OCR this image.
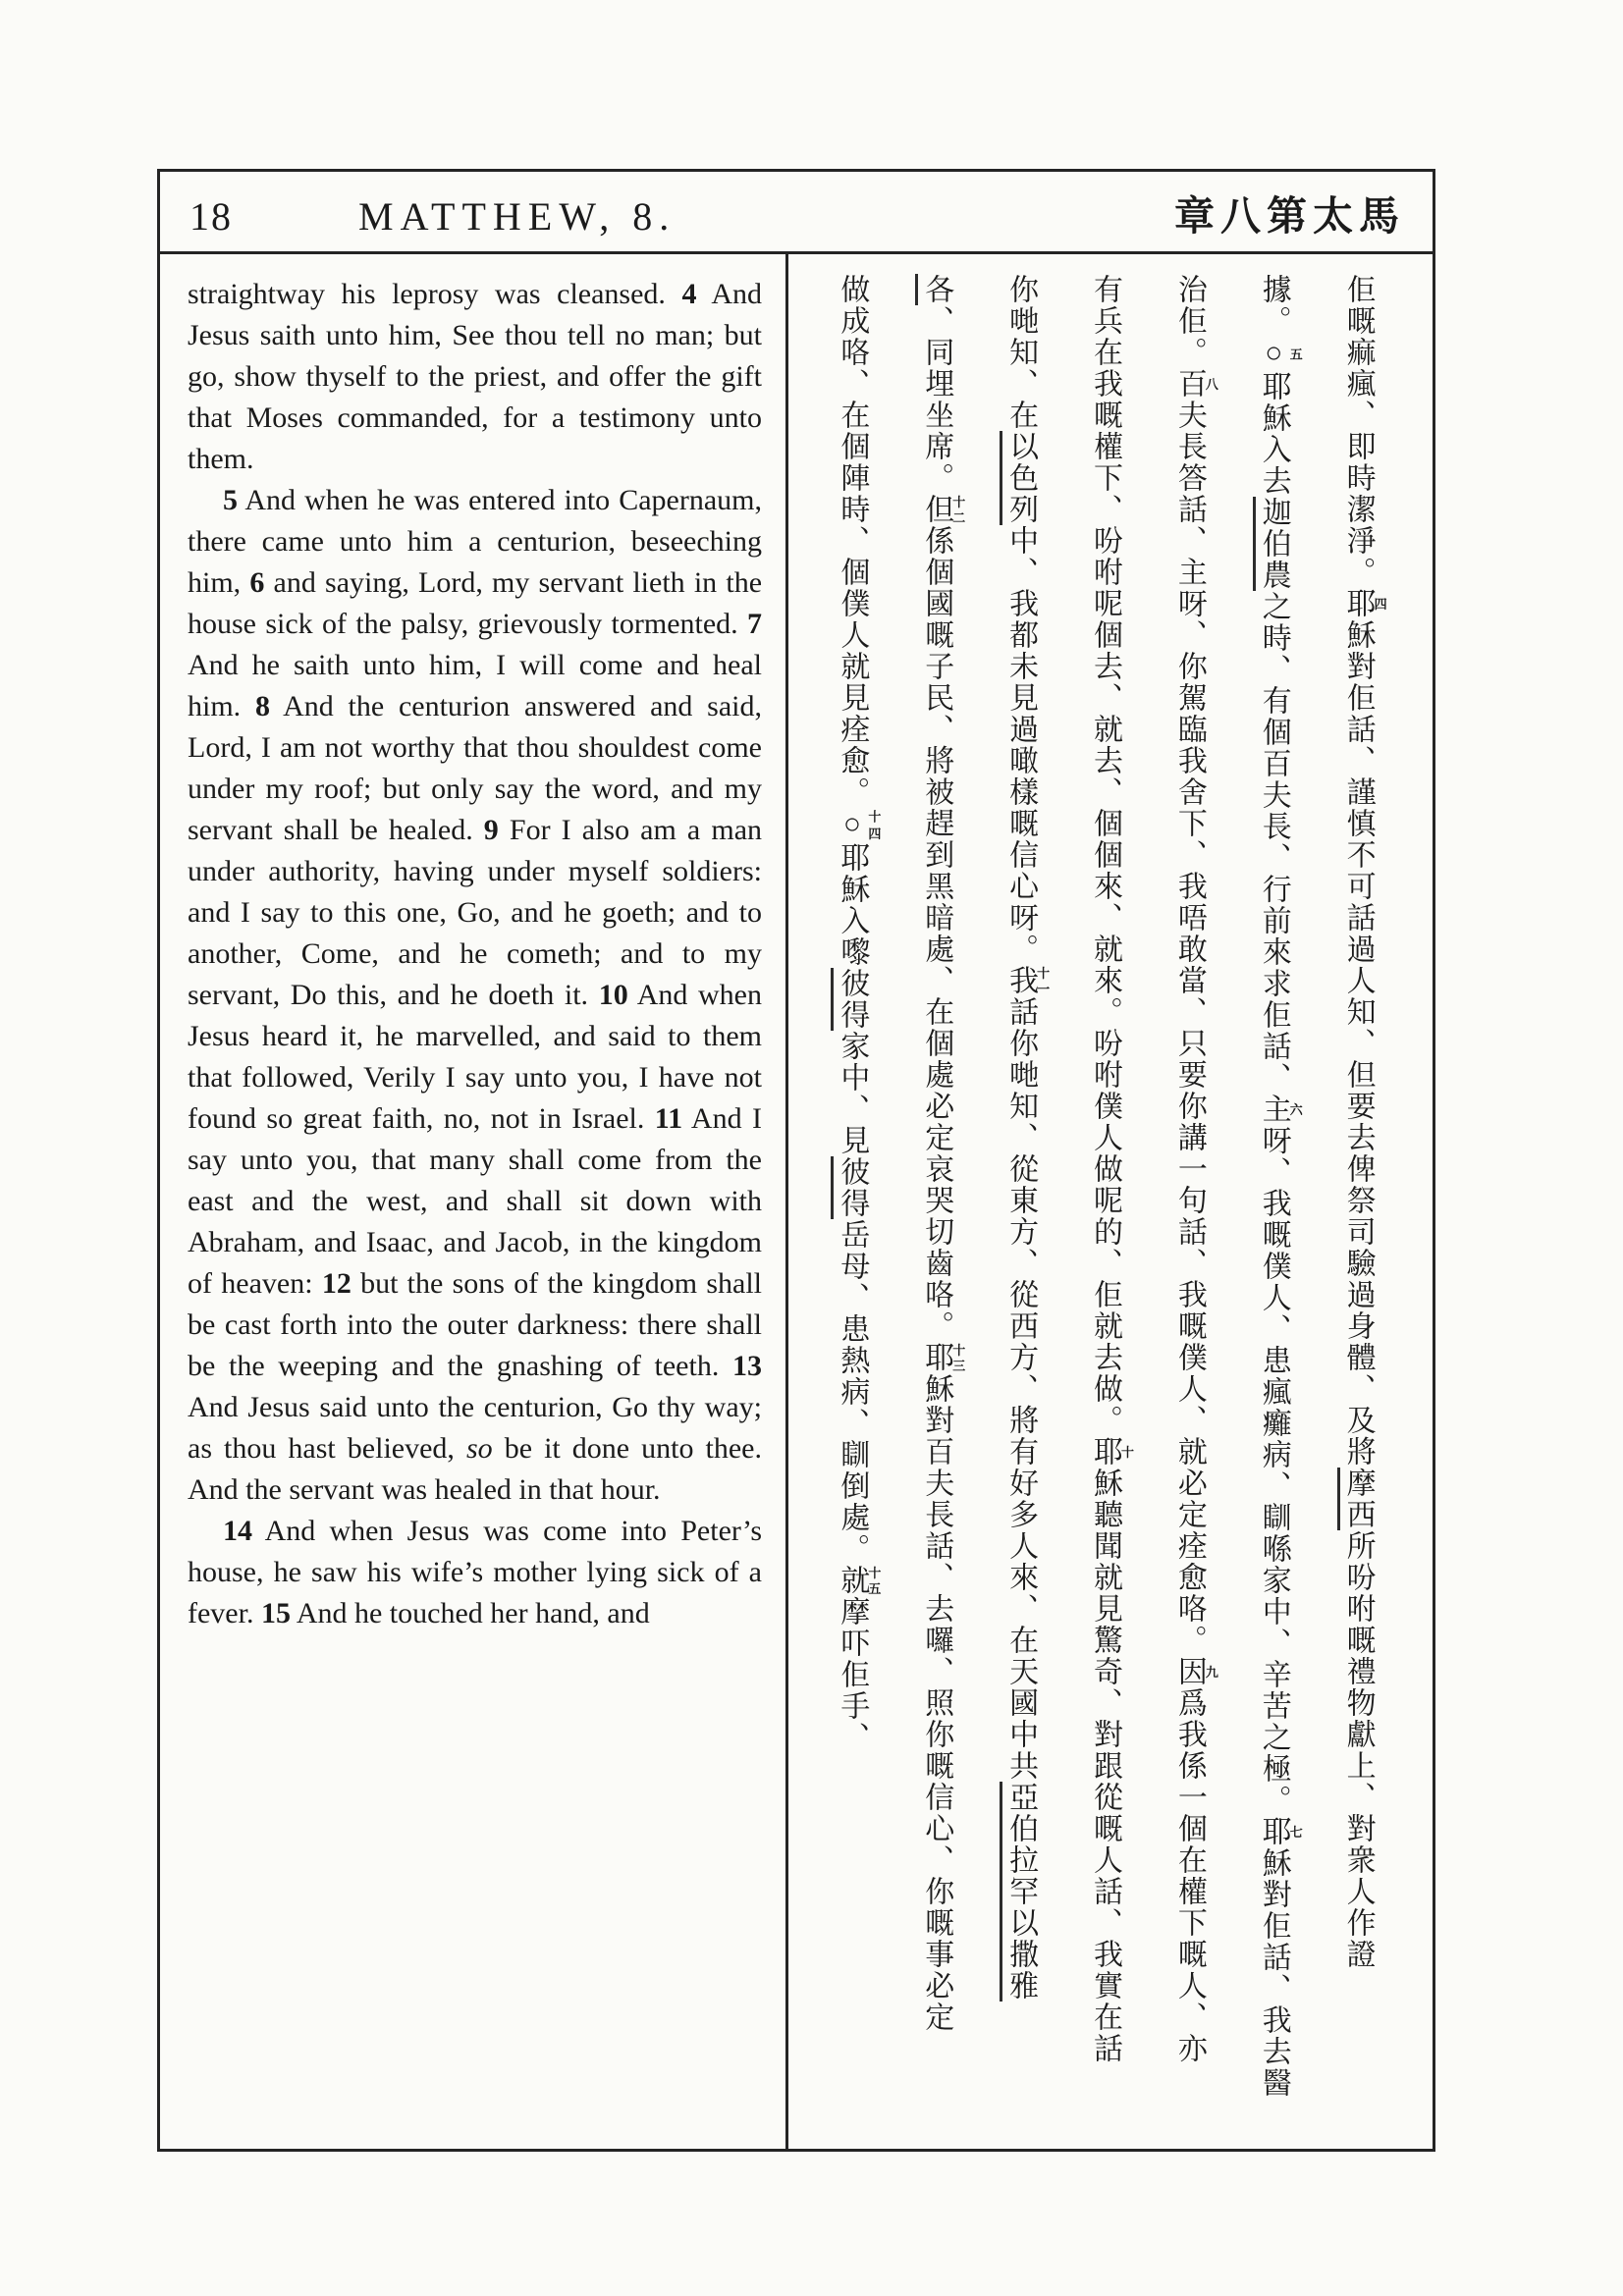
18	MATTHEW, 8.	章八第太馬

straightway his leprosy was cleansed. 4 And Jesus saith unto him, See thou tell no man; but go, show thyself to the priest, and offer the gift that Moses commanded, for a testimony unto them.

5 And when he was entered into Capernaum, there came unto him a centurion, beseeching him, 6 and saying, Lord, my servant lieth in the house sick of the palsy, grievously tormented. 7 And he saith unto him, I will come and heal him. 8 And the centurion answered and said, Lord, I am not worthy that thou shouldest come under my roof; but only say the word, and my servant shall be healed. 9 For I also am a man under authority, having under myself soldiers: and I say to this one, Go, and he goeth; and to another, Come, and he cometh; and to my servant, Do this, and he doeth it. 10 And when Jesus heard it, he marvelled, and said to them that followed, Verily I say unto you, I have not found so great faith, no, not in Israel. 11 And I say unto you, that many shall come from the east and the west, and shall sit down with Abraham, and Isaac, and Jacob, in the kingdom of heaven: 12 but the sons of the kingdom shall be cast forth into the outer darkness: there shall be the weeping and the gnashing of teeth. 13 And Jesus said unto the centurion, Go thy way; as thou hast believed, so be it done unto thee. And the servant was healed in that hour.

14 And when Jesus was come into Peter’s house, he saw his wife’s mother lying sick of a fever. 15 And he touched her hand, and

佢嘅痲瘋、即時潔淨。耶四穌對佢話、謹慎不可話過人知、但要去俾祭司驗過身體、及將摩西所吩咐嘅禮物獻上、對衆人作證
據。○五耶穌入去迦伯農之時、有個百夫長、行前來求佢話、主六呀、我嘅僕人、患瘋癱病、瞓喺家中、辛苦之極。耶七穌對佢話、我去醫
治佢。百八夫長答話、主呀、你駕臨我舍下、我唔敢當、只要你講一句話、我嘅僕人、就必定痊愈咯。因九爲我係一個在權下嘅人、亦
有兵在我嘅權下、吩咐呢個去、就去、個個來、就來。吩咐僕人做呢的、佢就去做。耶十穌聽聞就見驚奇、對跟從嘅人話、我實在話
你哋知、在以色列中、我都未見過噉樣嘅信心呀。我十一話你哋知、從東方、從西方、將有好多人來、在天國中共亞伯拉罕以撒雅
各、同埋坐席。但十二係個國嘅子民、將被趕到黑暗處、在個處必定哀哭切齒咯。耶十三穌對百夫長話、去囉、照你嘅信心、你嘅事必定
做成咯、在個陣時、個僕人就見痊愈。○十四耶穌入嚟彼得家中、見彼得岳母、患熱病、瞓倒處。就十五摩吓佢手、
